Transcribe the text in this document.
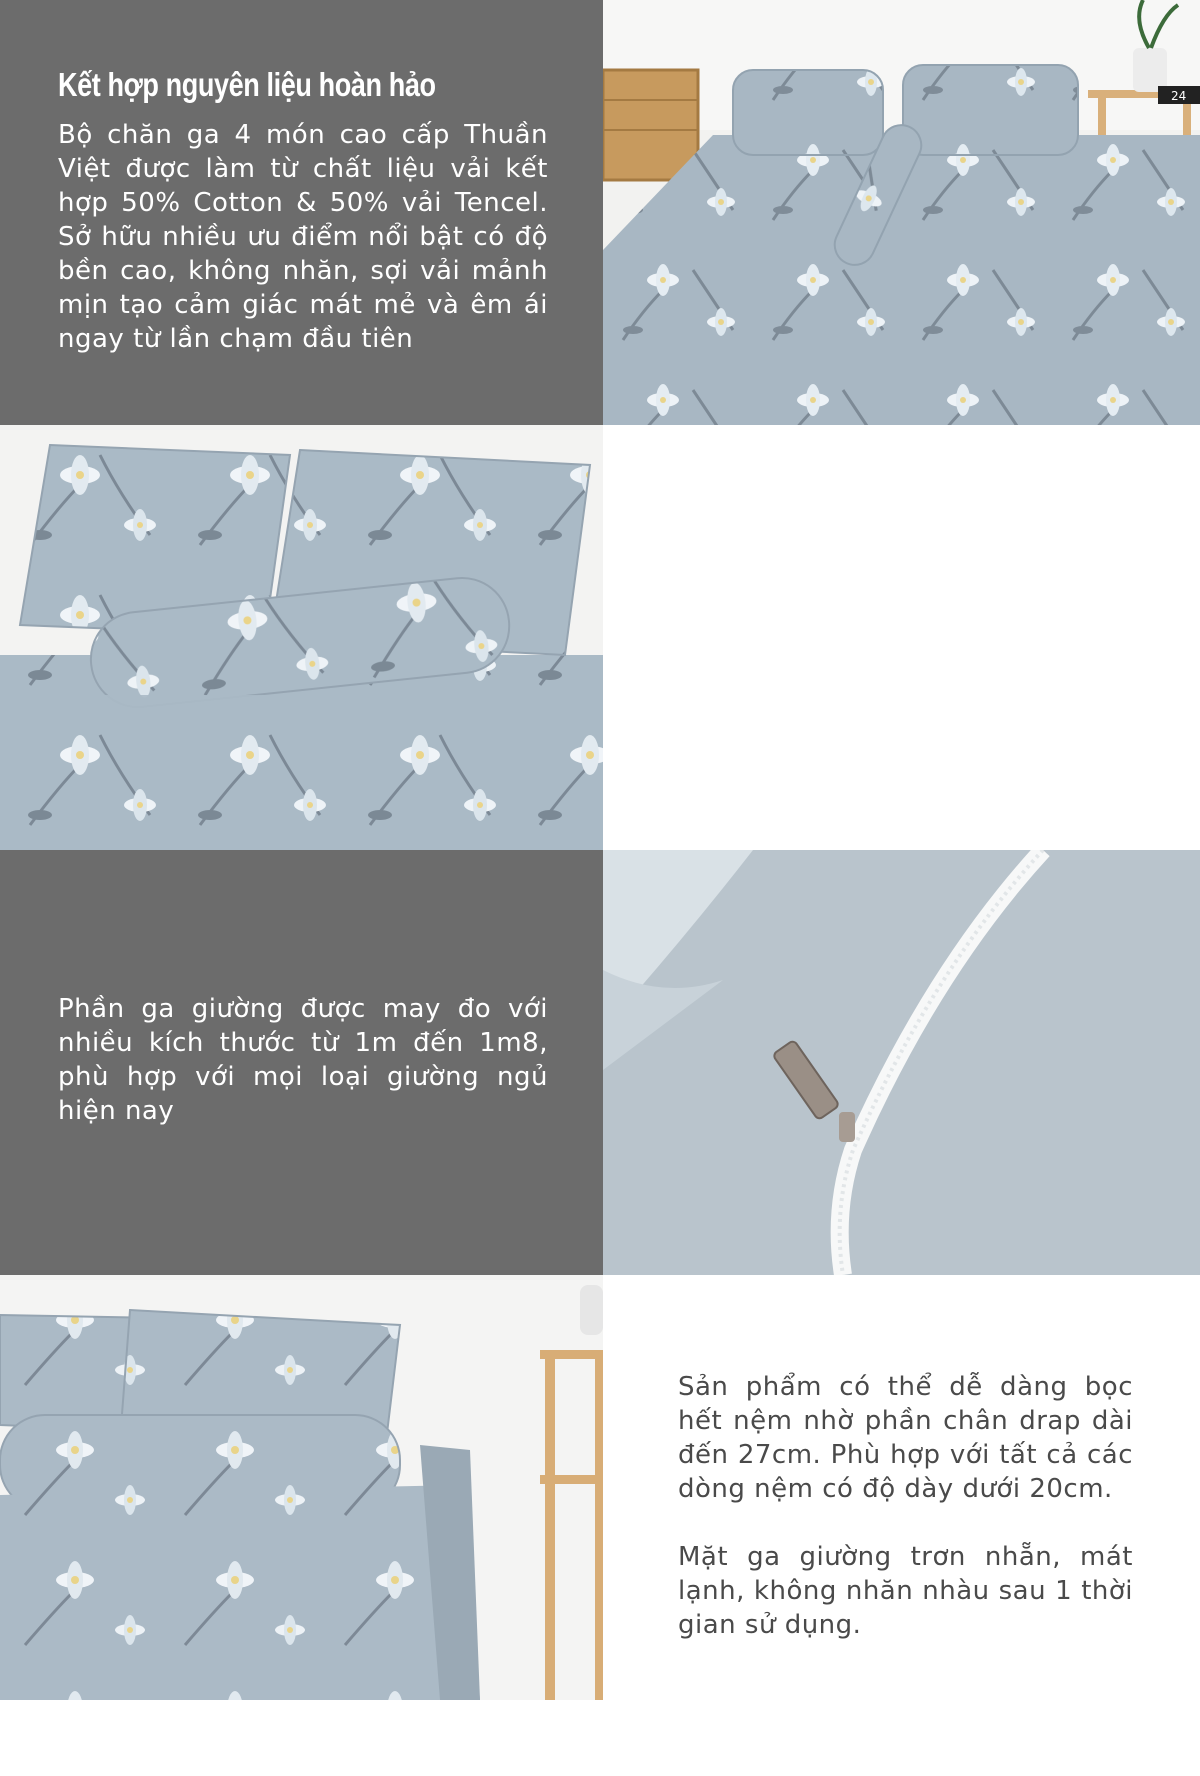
Kết hợp nguyên liệu hoàn hảo

Bộ chăn ga 4 món cao cấp Thuần Việt được làm từ chất liệu vải kết hợp 50% Cotton & 50% vải Tencel. Sở hữu nhiều ưu điểm nổi bật có độ bền cao, không nhăn, sợi vải mảnh mịn tạo cảm giác mát mẻ và êm ái ngay từ lần chạm đầu tiên

24

Phần ga giường được may đo với nhiều kích thước từ 1m đến 1m8, phù hợp với mọi loại giường ngủ hiện nay

Sản phẩm có thể dễ dàng bọc hết nệm nhờ phần chân drap dài đến 27cm. Phù hợp với tất cả các dòng nệm có độ dày dưới 20cm.

Mặt ga giường trơn nhẵn, mát lạnh, không nhăn nhàu sau 1 thời gian sử dụng.
